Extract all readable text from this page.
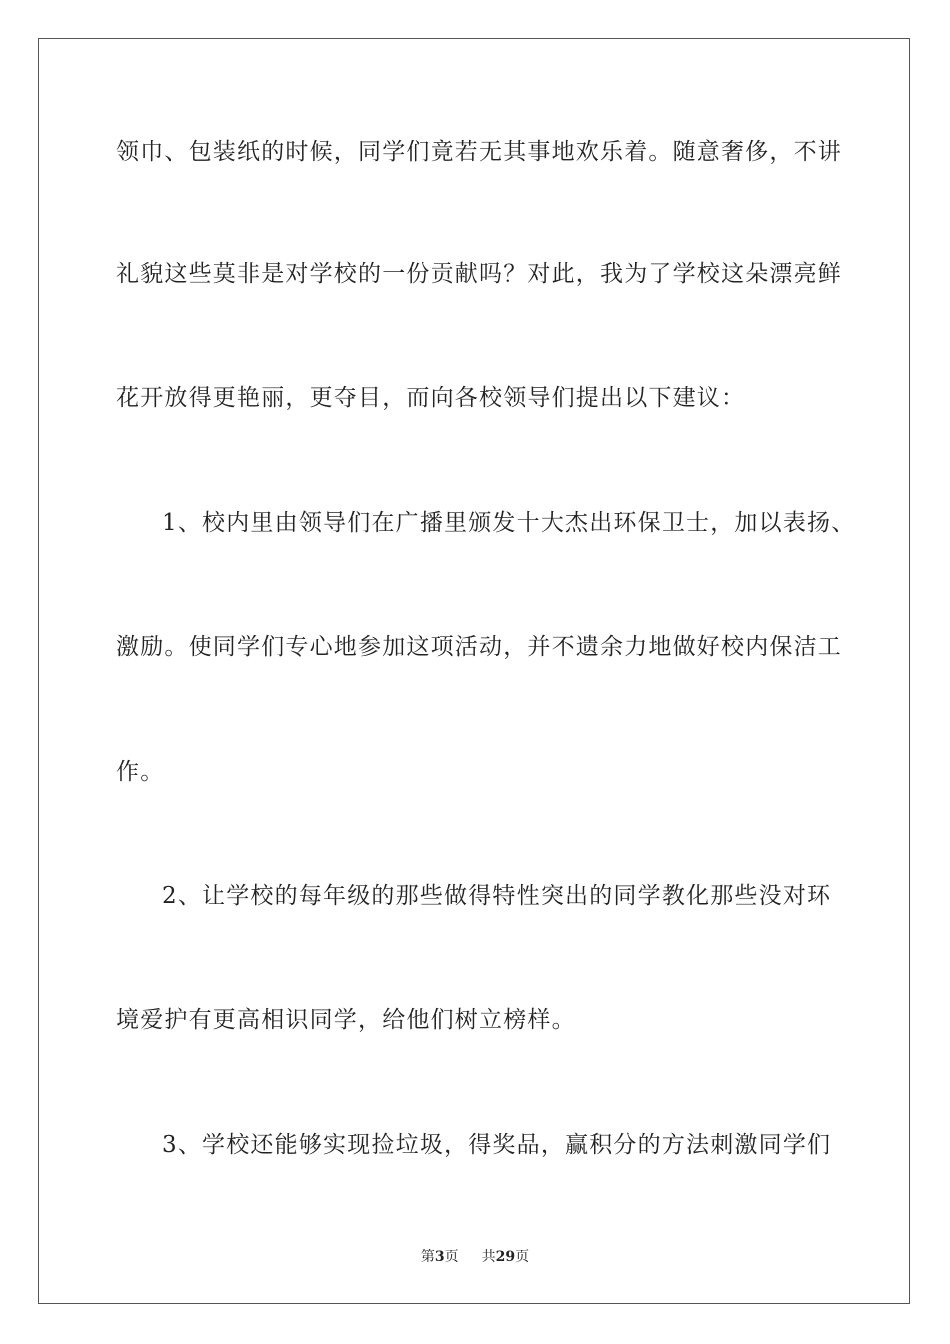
领巾、包装纸的时候，同学们竟若无其事地欢乐着。随意奢侈，不讲
礼貌这些莫非是对学校的一份贡献吗？对此，我为了学校这朵漂亮鲜
花开放得更艳丽，更夺目，而向各校领导们提出以下建议：
1、校内里由领导们在广播里颁发十大杰出环保卫士，加以表扬、
激励。使同学们专心地参加这项活动，并不遗余力地做好校内保洁工
作。
2、让学校的每年级的那些做得特性突出的同学教化那些没对环
境爱护有更高相识同学，给他们树立榜样。
3、学校还能够实现捡垃圾，得奖品，赢积分的方法刺激同学们
第3页 共29页
